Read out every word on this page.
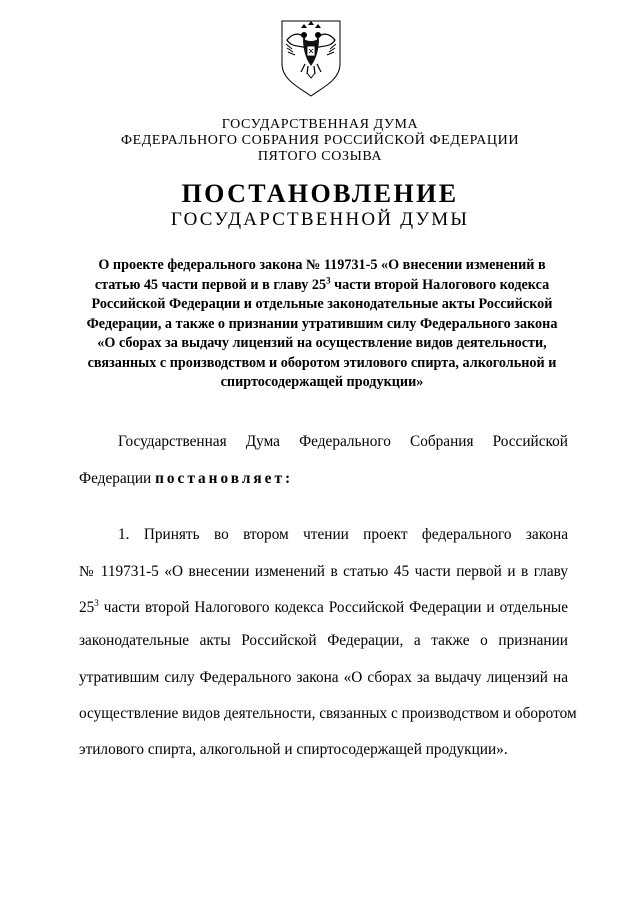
ГОСУДАРСТВЕННАЯ ДУМА
ФЕДЕРАЛЬНОГО СОБРАНИЯ РОССИЙСКОЙ ФЕДЕРАЦИИ
ПЯТОГО СОЗЫВА
ПОСТАНОВЛЕНИЕ
ГОСУДАРСТВЕННОЙ ДУМЫ
О проекте федерального закона № 119731-5 «О внесении изменений в
статью 45 части первой и в главу $25^3$ части второй Налогового кодекса
Российской Федерации и отдельные законодательные акты Российской
Федерации, а также о признании утратившим силу Федерального закона
«О сборах за выдачу лицензий на осуществление видов деятельности,
связанных с производством и оборотом этилового спирта, алкогольной и
спиртосодержащей продукции»
Государственная Дума Федерального Собрания Российской
Федерации постановляет:
1. Принять во втором чтении проект федерального закона
№ 119731-5 «О внесении изменений в статью 45 части первой и в главу
$25^3$ части второй Налогового кодекса Российской Федерации и отдельные
законодательные акты Российской Федерации, а также о признании
утратившим силу Федерального закона «О сборах за выдачу лицензий на
осуществление видов деятельности, связанных с производством и оборотом
этилового спирта, алкогольной и спиртосодержащей продукции».
